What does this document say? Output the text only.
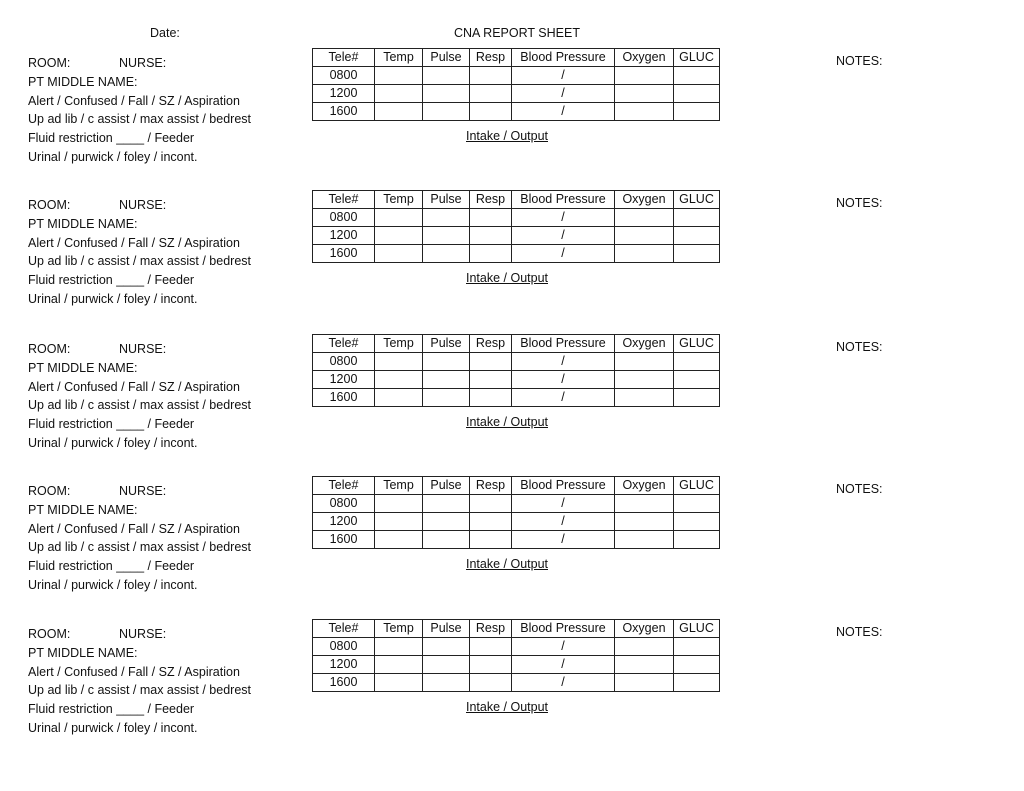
Date:	CNA REPORT SHEET
ROOM:	NURSE:
PT MIDDLE NAME:
Alert / Confused / Fall / SZ / Aspiration
Up ad lib / c assist / max assist / bedrest
Fluid restriction ____ / Feeder
Urinal / purwick / foley / incont.
Tele#	Temp	Pulse	Resp	Blood Pressure	Oxygen	GLUC
0800				/		
1200				/		
1600				/		
Intake / Output
NOTES:
ROOM:	NURSE:
PT MIDDLE NAME:
Alert / Confused / Fall / SZ / Aspiration
Up ad lib / c assist / max assist / bedrest
Fluid restriction ____ / Feeder
Urinal / purwick / foley / incont.
Tele#	Temp	Pulse	Resp	Blood Pressure	Oxygen	GLUC
0800				/		
1200				/		
1600				/		
Intake / Output
NOTES:
ROOM:	NURSE:
PT MIDDLE NAME:
Alert / Confused / Fall / SZ / Aspiration
Up ad lib / c assist / max assist / bedrest
Fluid restriction ____ / Feeder
Urinal / purwick / foley / incont.
Tele#	Temp	Pulse	Resp	Blood Pressure	Oxygen	GLUC
0800				/		
1200				/		
1600				/		
Intake / Output
NOTES:
ROOM:	NURSE:
PT MIDDLE NAME:
Alert / Confused / Fall / SZ / Aspiration
Up ad lib / c assist / max assist / bedrest
Fluid restriction ____ / Feeder
Urinal / purwick / foley / incont.
Tele#	Temp	Pulse	Resp	Blood Pressure	Oxygen	GLUC
0800				/		
1200				/		
1600				/		
Intake / Output
NOTES:
ROOM:	NURSE:
PT MIDDLE NAME:
Alert / Confused / Fall / SZ / Aspiration
Up ad lib / c assist / max assist / bedrest
Fluid restriction ____ / Feeder
Urinal / purwick / foley / incont.
Tele#	Temp	Pulse	Resp	Blood Pressure	Oxygen	GLUC
0800				/		
1200				/		
1600				/		
Intake / Output
NOTES:
